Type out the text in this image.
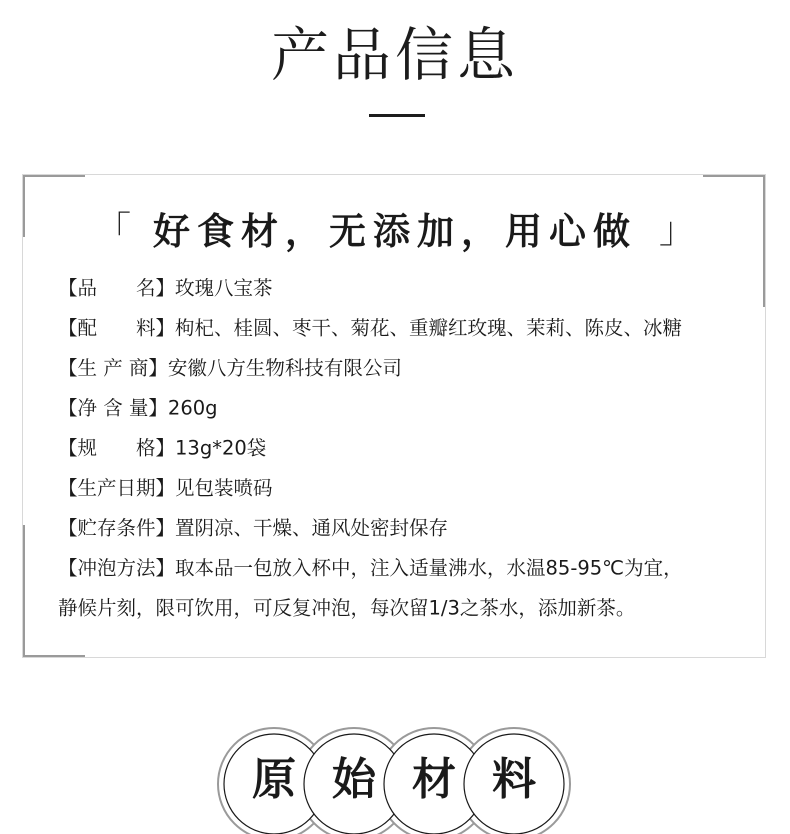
产品信息
「 好食材，无添加，用心做 」
【品　　名】玫瑰八宝茶
【配　　料】枸杞、桂圆、枣干、菊花、重瓣红玫瑰、茉莉、陈皮、冰糖
【生 产 商】安徽八方生物科技有限公司
【净 含 量】260g
【规　　格】13g*20袋
【生产日期】见包装喷码
【贮存条件】置阴凉、干燥、通风处密封保存
【冲泡方法】取本品一包放入杯中，注入适量沸水，水温85-95℃为宜，
静候片刻，限可饮用，可反复冲泡，每次留1/3之茶水，添加新茶。
原 始 材 料
